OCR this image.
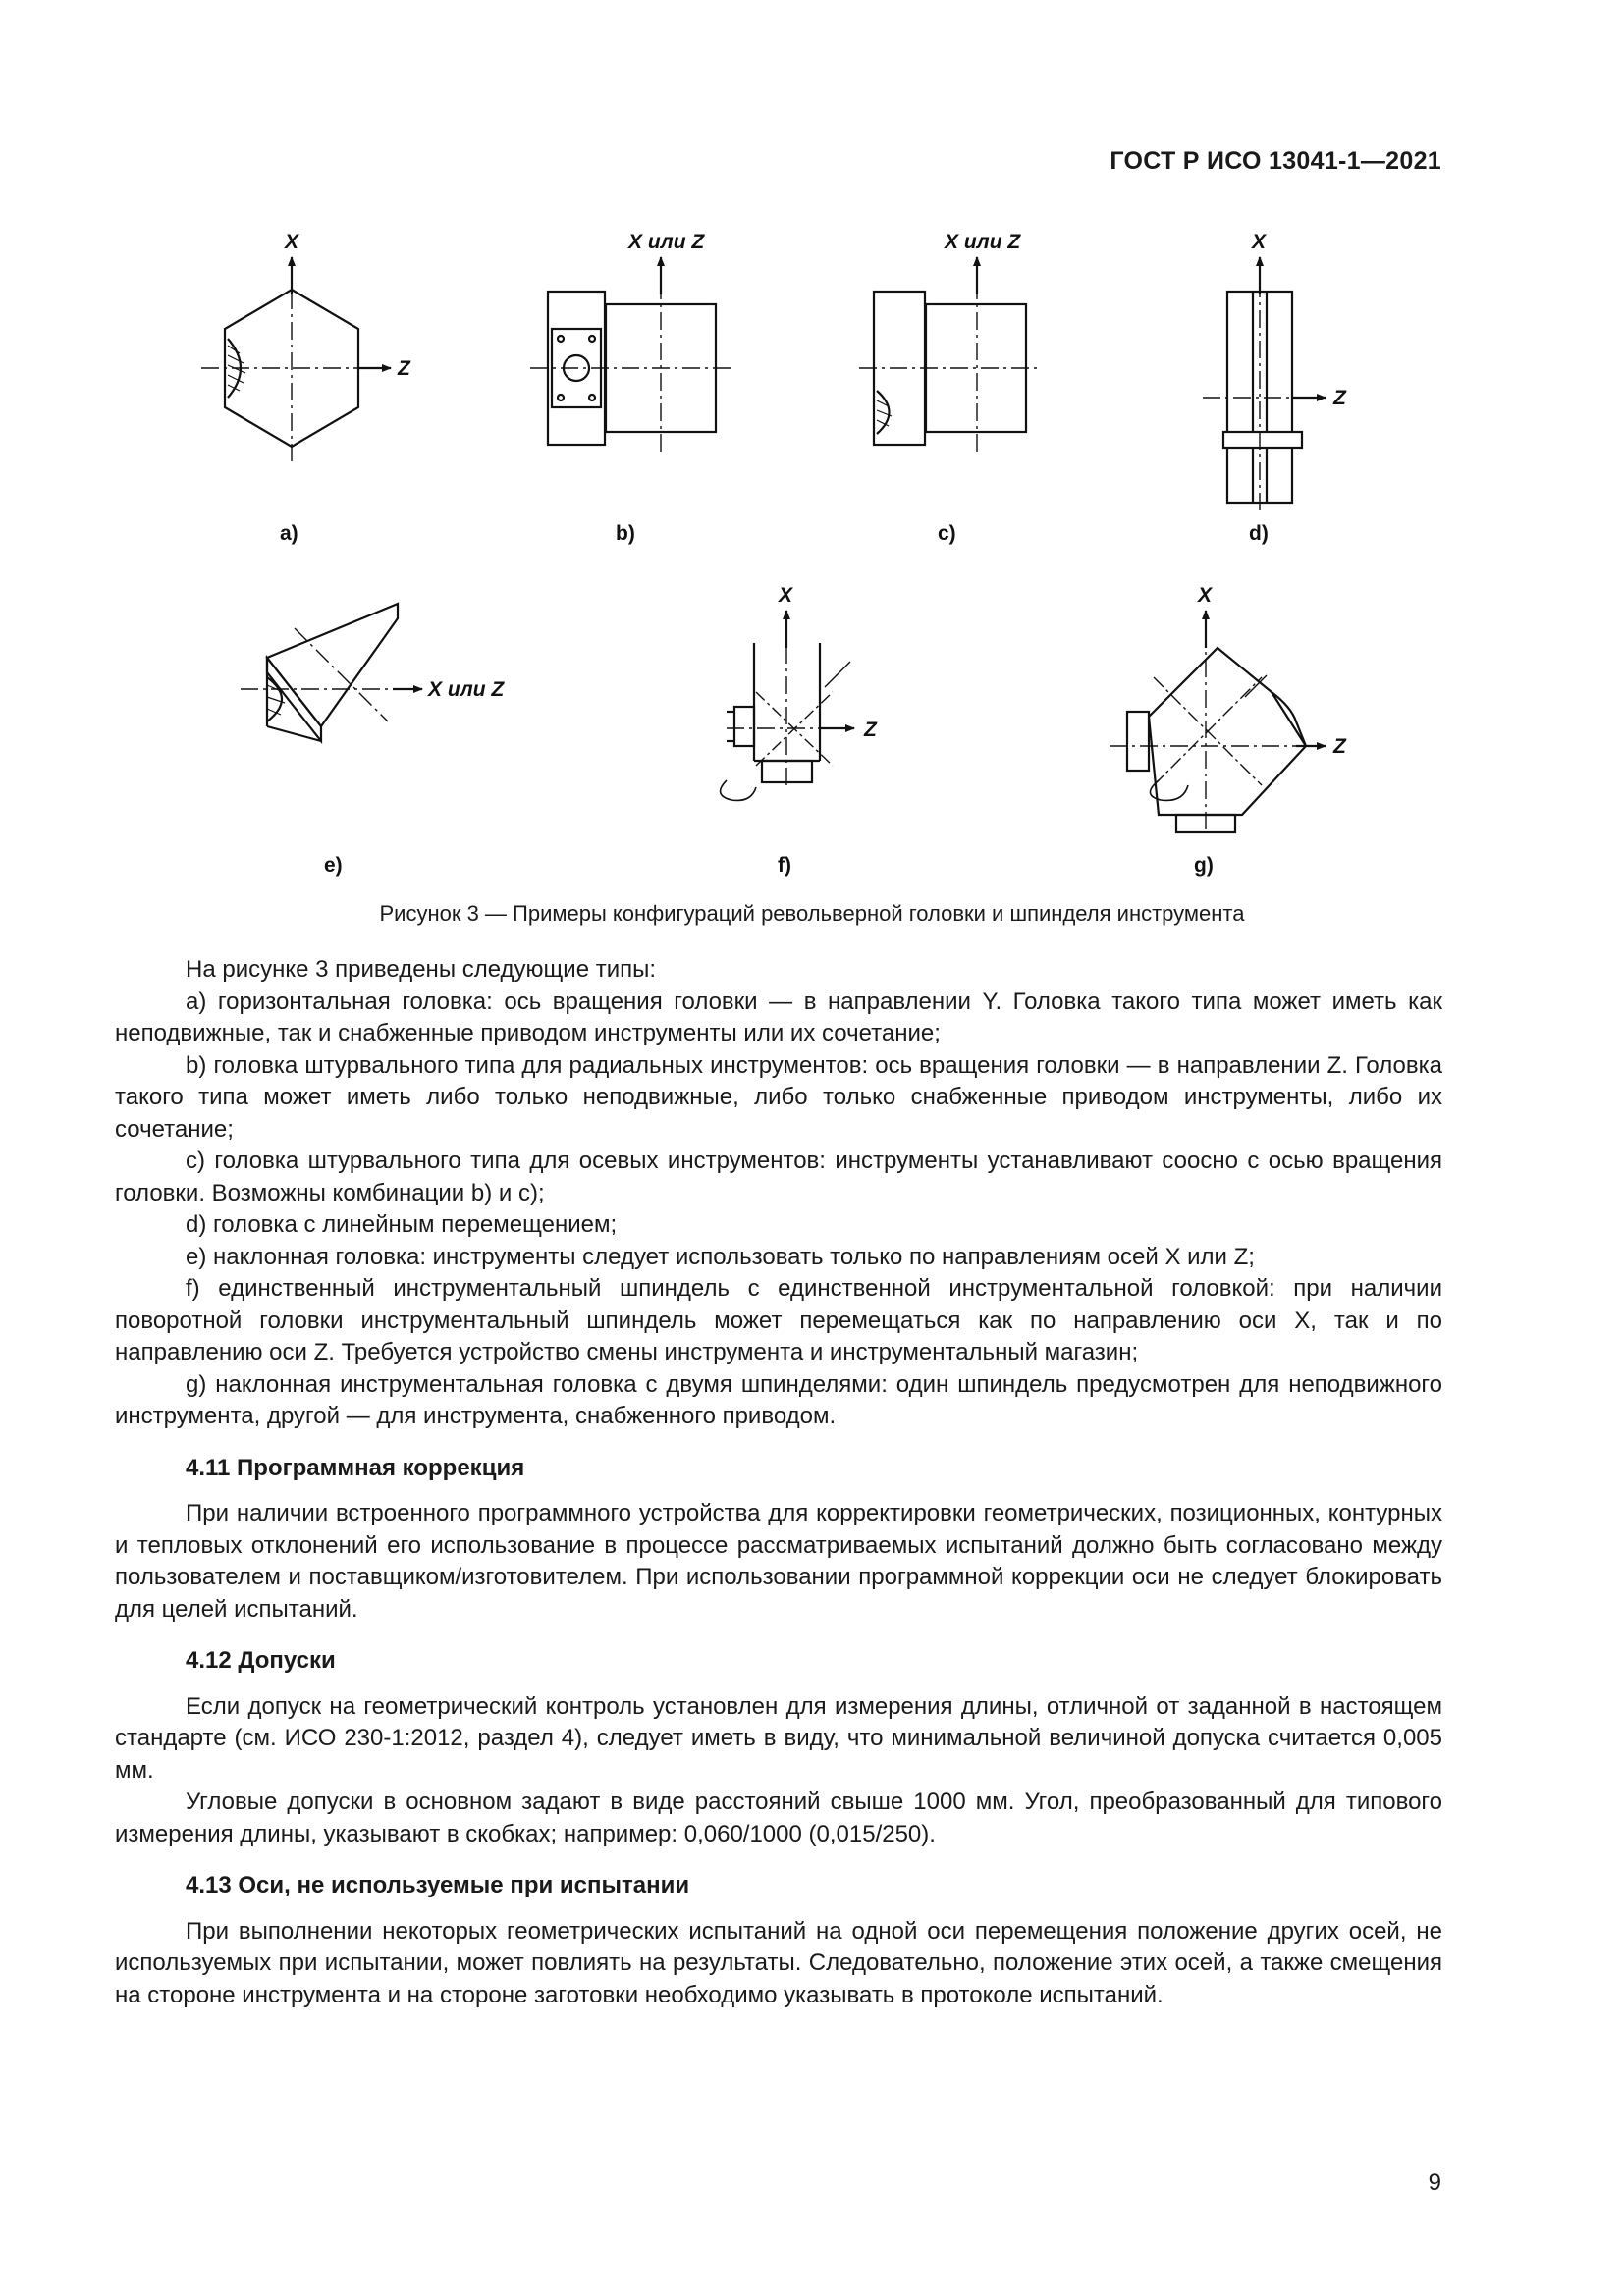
ГОСТ Р ИСО 13041-1—2021
X
Z
X или Z	X или Z	X
Z
X или Z
X
Z
X
Z
a)	b)	c)	d)
e)	f)	g)
Рисунок 3 — Примеры конфигураций револьверной головки и шпинделя инструмента

На рисунке 3 приведены следующие типы:

а) горизонтальная головка: ось вращения головки — в направлении Y. Головка такого типа может иметь как неподвижные, так и снабженные приводом инструменты или их сочетание;

b) головка штурвального типа для радиальных инструментов: ось вращения головки — в направлении Z. Головка такого типа может иметь либо только неподвижные, либо только снабженные приводом инструменты, либо их сочетание;

с) головка штурвального типа для осевых инструментов: инструменты устанавливают соосно с осью вращения головки. Возможны комбинации b) и с);

d) головка с линейным перемещением;

е) наклонная головка: инструменты следует использовать только по направлениям осей X или Z;

f) единственный инструментальный шпиндель с единственной инструментальной головкой: при наличии поворотной головки инструментальный шпиндель может перемещаться как по направлению оси X, так и по направлению оси Z. Требуется устройство смены инструмента и инструментальный магазин;

g) наклонная инструментальная головка с двумя шпинделями: один шпиндель предусмотрен для неподвижного инструмента, другой — для инструмента, снабженного приводом.

4.11 Программная коррекция

При наличии встроенного программного устройства для корректировки геометрических, позиционных, контурных и тепловых отклонений его использование в процессе рассматриваемых испытаний должно быть согласовано между пользователем и поставщиком/изготовителем. При использовании программной коррекции оси не следует блокировать для целей испытаний.

4.12 Допуски

Если допуск на геометрический контроль установлен для измерения длины, отличной от заданной в настоящем стандарте (см. ИСО 230-1:2012, раздел 4), следует иметь в виду, что минимальной величиной допуска считается 0,005 мм.

Угловые допуски в основном задают в виде расстояний свыше 1000 мм. Угол, преобразованный для типового измерения длины, указывают в скобках; например: 0,060/1000 (0,015/250).

4.13 Оси, не используемые при испытании

При выполнении некоторых геометрических испытаний на одной оси перемещения положение других осей, не используемых при испытании, может повлиять на результаты. Следовательно, положение этих осей, а также смещения на стороне инструмента и на стороне заготовки необходимо указывать в протоколе испытаний.

9
